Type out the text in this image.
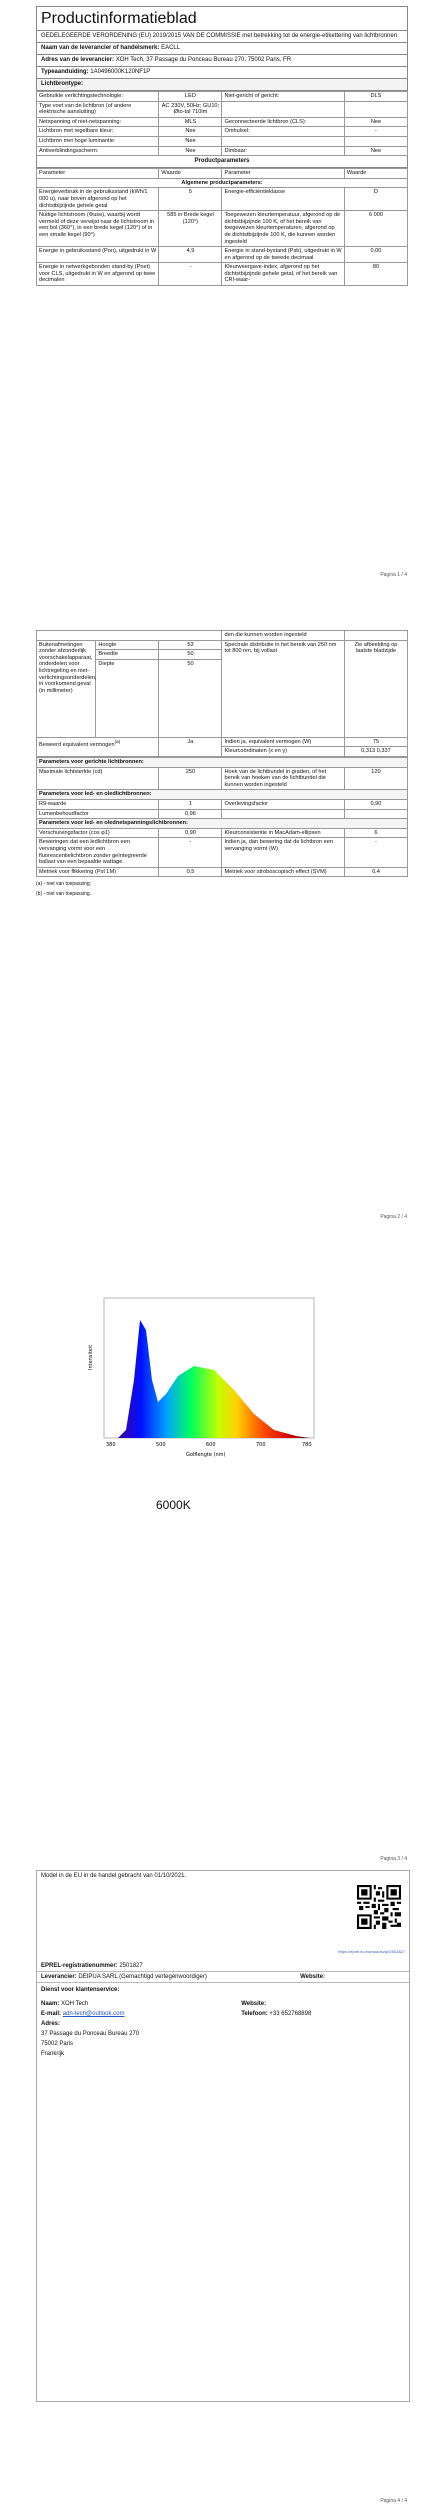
Productinformatieblad
GEDELEGEERDE VERORDENING (EU) 2019/2015 VAN DE COMMISSIE met betrekking tot de energie-etikettering van lichtbronnen
Naam van de leverancier of handelsmerk: EACLL
Adres van de leverancier: XOH Tech, 37 Passage du Ponceau Bureau 270, 75002 Paris, FR
Typeaanduiding: 1A0496000K120NF1P
Lichtbrontype:
Gebruikte verlichtingstechnologie:	LED	Niet-gericht of gericht:	DLS
Type voet van de lichtbron (of andere elektrische aansluiting)	AC 230V, 50Hz; GU10; Øto-tal 710lm		
Netspanning of niet-netspanning:	MLS	Geconnecteerde lichtbron (CLS):	Nee
Lichtbron met regelbare kleur:	Nee	Omhulsel:	-
Lichtbron met hoge luminantie:	Nee		
Antiverblindingsscherm:	Nee	Dimbaar:	Nee
Productparameters
Parameter	Waarde	Parameter	Waarde
Algemene productparameters:			
Energieverbruik in de gebruiksstand (kWh/1 000 u), naar boven afgerond op het dichtstbijzijnde gehele getal	5	Energie-efficiëntieklasse	D
Nuttige lichtstroom (Φuse), waarbij wordt vermeld of deze verwijst naar de lichtstroom in een bol (360°), in een brede kegel (120°) of in een smalle kegel (90°)	585 in Brede kegel (120°)	Toegewezen kleurtemperatuur, afgerond op de dichtstbijzijnde 100 K, of het bereik van toegewezen kleurtemperaturen, afgerond op de dichtstbijzijnde 100 K, die kunnen worden ingesteld	6 000
Energie in gebruiksstand (Pon), uitgedrukt in W	4,9	Energie in stand-bystand (Psb), uitgedrukt in W en afgerond op de tweede decimaal	0,00
Energie in netwerkgebonden stand-by (Pnet) voor CLS, uitgedrukt in W en afgerond op twee decimalen	-	Kleurweergave-index, afgerond op het dichtstbijzijnde gehele getal, of het bereik van CRI-waar-	80
Pagina 1 / 4
			den die kunnen worden ingesteld	
Buitenafmetingen zonder afzonderlijk voorschakelapparaat, onderdelen voor lichtregeling en niet-verlichtingsonderdelen, in voorkomend geval (in millimeter)	Hoogte	53	Spectrale distributie in het bereik van 250 nm tot 800 nm, bij vollast	Zie afbeelding op laatste bladzijde
	Breedte	50		
	Diepte	50		
Beweerd equivalent vermogen$^{(a)}$		Ja	Indien ja, equivalent vermogen (W)	75
			Kleurcoördinaten (x en y)	0,313 0,337
Parameters voor gerichte lichtbronnen:			
Maximale lichtsterkte (cd)	250	Hoek van de lichtbundel in graden, of het bereik van hoeken van de lichtbundel die kunnen worden ingesteld	120
Parameters voor led- en oledlichtbronnen:			
R9-waarde	1	Overlevingsfactor	0,90
Lumenbehoudfactor	0,96		
Parameters voor led- en olednetspanningslichtbronnen:			
Verschuivingsfactor (cos φ1)	0,90	Kleurconsistentie in MacAdam-ellipsen	6
Beweringen dat een ledlichtbron een vervanging vormt voor een fluorescentielichtbron zonder geïntegreerde ballast van een bepaalde wattage.	-	Indien ja, dan bewering dat de lichtbron een vervanging vormt (W)	-
Metriek voor flikkering (Pst LM)	0,5	Metriek voor stroboscopisch effect (SVM)	0,4
(a) - niet van toepassing;
(b) - niet van toepassing.
Pagina 2 / 4
Intensiteit
Golflengte (nm)
380	500	600	700	780
6000K
Pagina 3 / 4
Model in de EU in de handel gebracht van 01/10/2021.
https://eprel.ec.europa.eu/qr/2501827
EPREL-registratienummer: 2501827
Leverancier: DEIPUA SARL (Gemachtigd vertegenwoordiger)	Website:
Dienst voor klantenservice:
Naam: XOH Tech
E-mail: adh-tech@outlook.com
Adres:
37 Passage du Ponceau Bureau 270
75002 Paris
Frankrijk
Website:
Telefoon: +33 652768898
Pagina 4 / 4
